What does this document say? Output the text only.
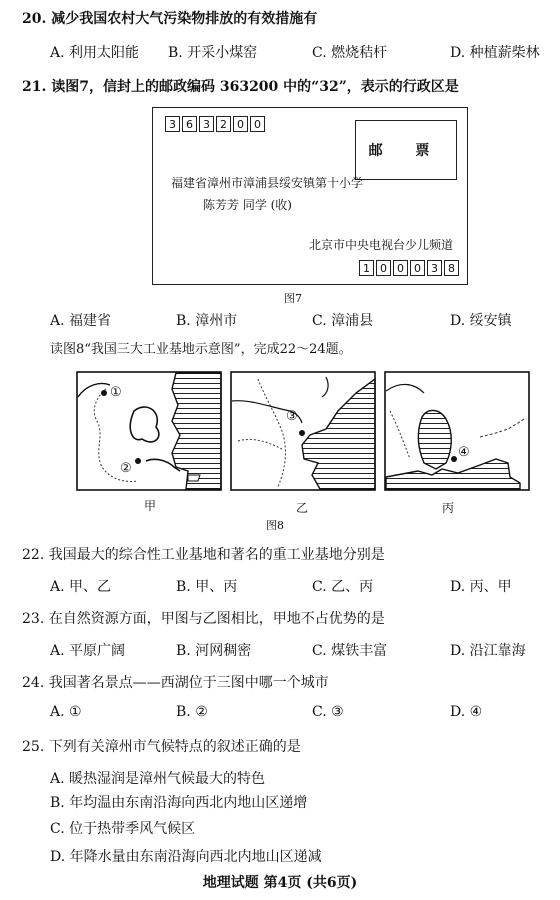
20. 减少我国农村大气污染物排放的有效措施有
A. 利用太阳能 B. 开采小煤窑	C. 燃烧秸杆	D. 种植薪柴林
21. 读图7，信封上的邮政编码 363200 中的“32”，表示的行政区是
3 6 3 2 0 0
邮 票
福建省漳州市漳浦县绥安镇第十小学
陈芳芳 同学 (收)
北京市中央电视台少儿频道
1 0 0 0 3 8
图7
A. 福建省	B. 漳州市	C. 漳浦县	D. 绥安镇
读图8“我国三大工业基地示意图”，完成22～24题。
①
②
③
④
甲	乙	丙
图8
22. 我国最大的综合性工业基地和著名的重工业基地分别是
A. 甲、乙	B. 甲、丙	C. 乙、丙	D. 丙、甲
23. 在自然资源方面，甲图与乙图相比，甲地不占优势的是
A. 平原广阔	B. 河网稠密	C. 煤铁丰富	D. 沿江靠海
24. 我国著名景点——西湖位于三图中哪一个城市
A. ①	B. ②	C. ③	D. ④
25. 下列有关漳州市气候特点的叙述正确的是
A. 暖热湿润是漳州气候最大的特色
B. 年均温由东南沿海向西北内地山区递增
C. 位于热带季风气候区
D. 年降水量由东南沿海向西北内地山区递减
地理试题 第4页 (共6页)
